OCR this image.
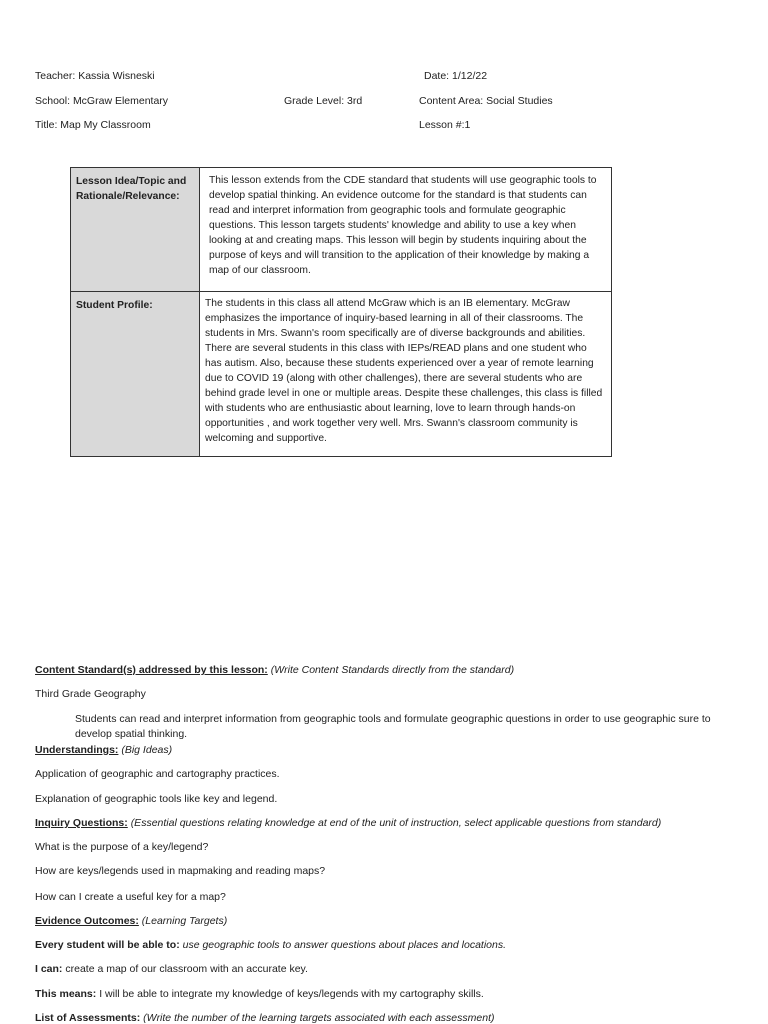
Teacher: Kassia Wisneski	Date: 1/12/22
School: McGraw Elementary	Grade Level: 3rd	Content Area: Social Studies
Title: Map My Classroom	Lesson #:1
Lesson Idea/Topic and Rationale/Relevance:	This lesson extends from the CDE standard that students will use geographic tools to develop spatial thinking. An evidence outcome for the standard is that students can read and interpret information from geographic tools and formulate geographic questions. This lesson targets students' knowledge and ability to use a key when looking at and creating maps. This lesson will begin by students inquiring about the purpose of keys and will transition to the application of their knowledge by making a map of our classroom.
Student Profile:	The students in this class all attend McGraw which is an IB elementary. McGraw emphasizes the importance of inquiry-based learning in all of their classrooms. The students in Mrs. Swann's room specifically are of diverse backgrounds and abilities. There are several students in this class with IEPs/READ plans and one student who has autism. Also, because these students experienced over a year of remote learning due to COVID 19 (along with other challenges), there are several students who are behind grade level in one or multiple areas. Despite these challenges, this class is filled with students who are enthusiastic about learning, love to learn through hands-on opportunities , and work together very well. Mrs. Swann's classroom community is welcoming and supportive.
Content Standard(s) addressed by this lesson: (Write Content Standards directly from the standard)
Third Grade Geography
Students can read and interpret information from geographic tools and formulate geographic questions in order to use geographic sure to develop spatial thinking.
Understandings: (Big Ideas)
Application of geographic and cartography practices.
Explanation of geographic tools like key and legend.
Inquiry Questions: (Essential questions relating knowledge at end of the unit of instruction, select applicable questions from standard)
What is the purpose of a key/legend?
How are keys/legends used in mapmaking and reading maps?
How can I create a useful key for a map?
Evidence Outcomes: (Learning Targets)
Every student will be able to: use geographic tools to answer questions about places and locations.
I can: create a map of our classroom with an accurate key.
This means: I will be able to integrate my knowledge of keys/legends with my cartography skills.
List of Assessments: (Write the number of the learning targets associated with each assessment)
